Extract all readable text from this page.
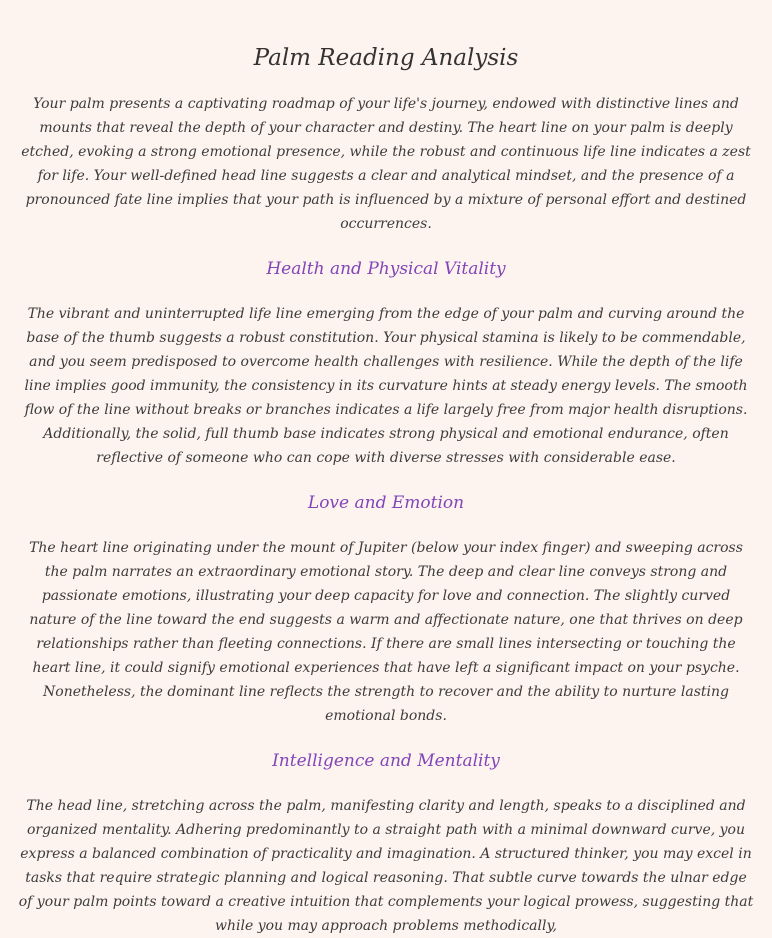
Palm Reading Analysis

Your palm presents a captivating roadmap of your life's journey, endowed with distinctive lines and mounts that reveal the depth of your character and destiny. The heart line on your palm is deeply etched, evoking a strong emotional presence, while the robust and continuous life line indicates a zest for life. Your well-defined head line suggests a clear and analytical mindset, and the presence of a pronounced fate line implies that your path is influenced by a mixture of personal effort and destined occurrences.

Health and Physical Vitality

The vibrant and uninterrupted life line emerging from the edge of your palm and curving around the base of the thumb suggests a robust constitution. Your physical stamina is likely to be commendable, and you seem predisposed to overcome health challenges with resilience. While the depth of the life line implies good immunity, the consistency in its curvature hints at steady energy levels. The smooth flow of the line without breaks or branches indicates a life largely free from major health disruptions. Additionally, the solid, full thumb base indicates strong physical and emotional endurance, often reflective of someone who can cope with diverse stresses with considerable ease.

Love and Emotion

The heart line originating under the mount of Jupiter (below your index finger) and sweeping across the palm narrates an extraordinary emotional story. The deep and clear line conveys strong and passionate emotions, illustrating your deep capacity for love and connection. The slightly curved nature of the line toward the end suggests a warm and affectionate nature, one that thrives on deep relationships rather than fleeting connections. If there are small lines intersecting or touching the heart line, it could signify emotional experiences that have left a significant impact on your psyche. Nonetheless, the dominant line reflects the strength to recover and the ability to nurture lasting emotional bonds.

Intelligence and Mentality

The head line, stretching across the palm, manifesting clarity and length, speaks to a disciplined and organized mentality. Adhering predominantly to a straight path with a minimal downward curve, you express a balanced combination of practicality and imagination. A structured thinker, you may excel in tasks that require strategic planning and logical reasoning. That subtle curve towards the ulnar edge of your palm points toward a creative intuition that complements your logical prowess, suggesting that while you may approach problems methodically,
